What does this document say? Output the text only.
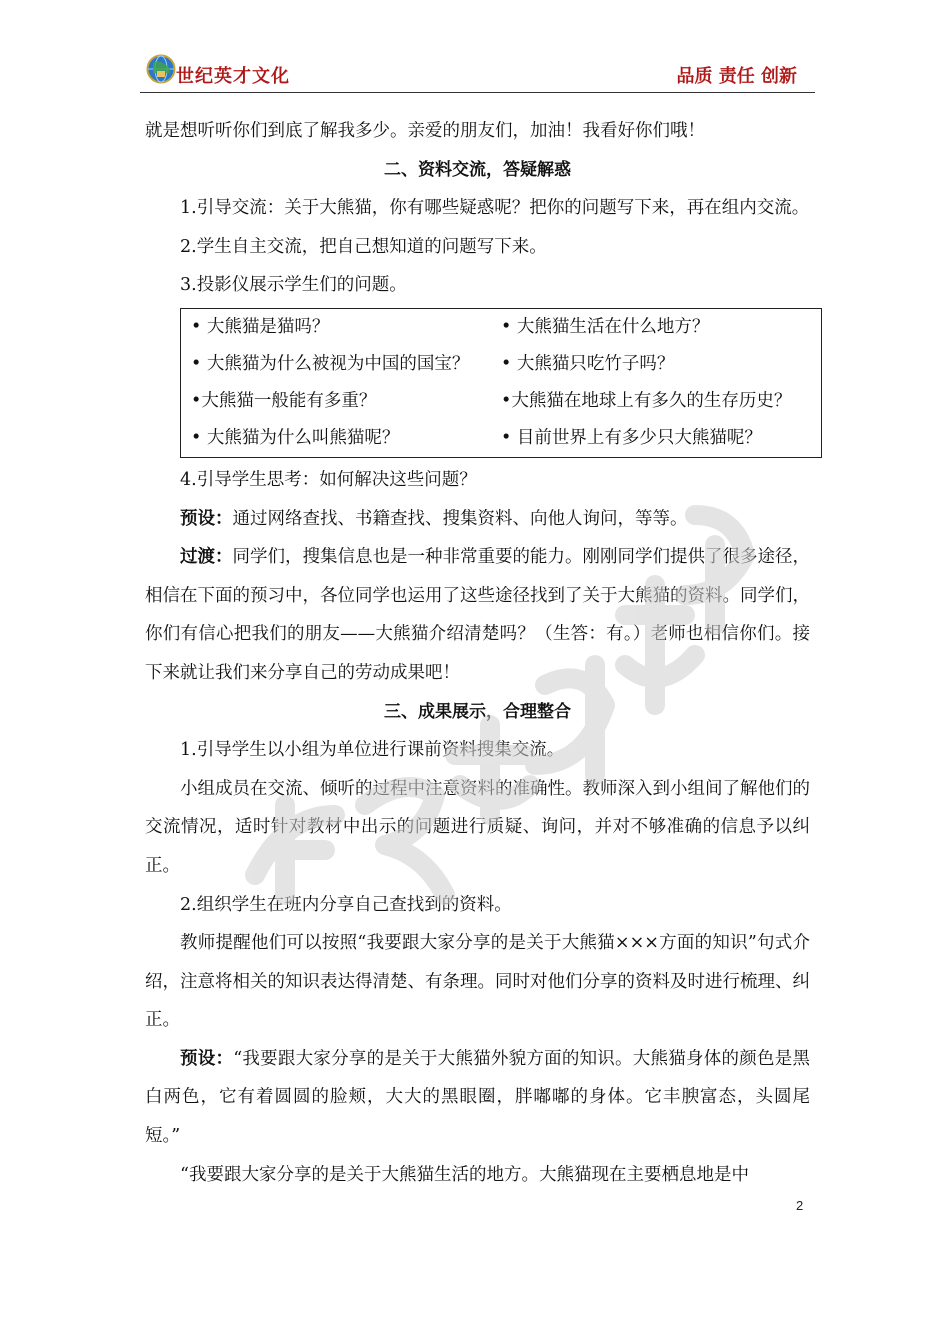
世纪英才文化	品质 责任 创新

就是想听听你们到底了解我多少。亲爱的朋友们，加油！我看好你们哦！

二、资料交流，答疑解惑

1.引导交流：关于大熊猫，你有哪些疑惑呢？把你的问题写下来，再在组内交流。

2.学生自主交流，把自己想知道的问题写下来。

3.投影仪展示学生们的问题。

• 大熊猫是猫吗？	• 大熊猫生活在什么地方？
• 大熊猫为什么被视为中国的国宝？	• 大熊猫只吃竹子吗？
•大熊猫一般能有多重？	•大熊猫在地球上有多久的生存历史？
• 大熊猫为什么叫熊猫呢？	• 目前世界上有多少只大熊猫呢？

4.引导学生思考：如何解决这些问题？

预设：通过网络查找、书籍查找、搜集资料、向他人询问，等等。

过渡：同学们，搜集信息也是一种非常重要的能力。刚刚同学们提供了很多途径，相信在下面的预习中，各位同学也运用了这些途径找到了关于大熊猫的资料。同学们，你们有信心把我们的朋友——大熊猫介绍清楚吗？（生答：有。）老师也相信你们。接下来就让我们来分享自己的劳动成果吧！

三、成果展示，合理整合

1.引导学生以小组为单位进行课前资料搜集交流。

小组成员在交流、倾听的过程中注意资料的准确性。教师深入到小组间了解他们的交流情况，适时针对教材中出示的问题进行质疑、询问，并对不够准确的信息予以纠正。

2.组织学生在班内分享自己查找到的资料。

教师提醒他们可以按照“我要跟大家分享的是关于大熊猫×××方面的知识”句式介绍，注意将相关的知识表达得清楚、有条理。同时对他们分享的资料及时进行梳理、纠正。

预设：“我要跟大家分享的是关于大熊猫外貌方面的知识。大熊猫身体的颜色是黑白两色，它有着圆圆的脸颊，大大的黑眼圈，胖嘟嘟的身体。它丰腴富态，头圆尾短。”

“我要跟大家分享的是关于大熊猫生活的地方。大熊猫现在主要栖息地是中

2
